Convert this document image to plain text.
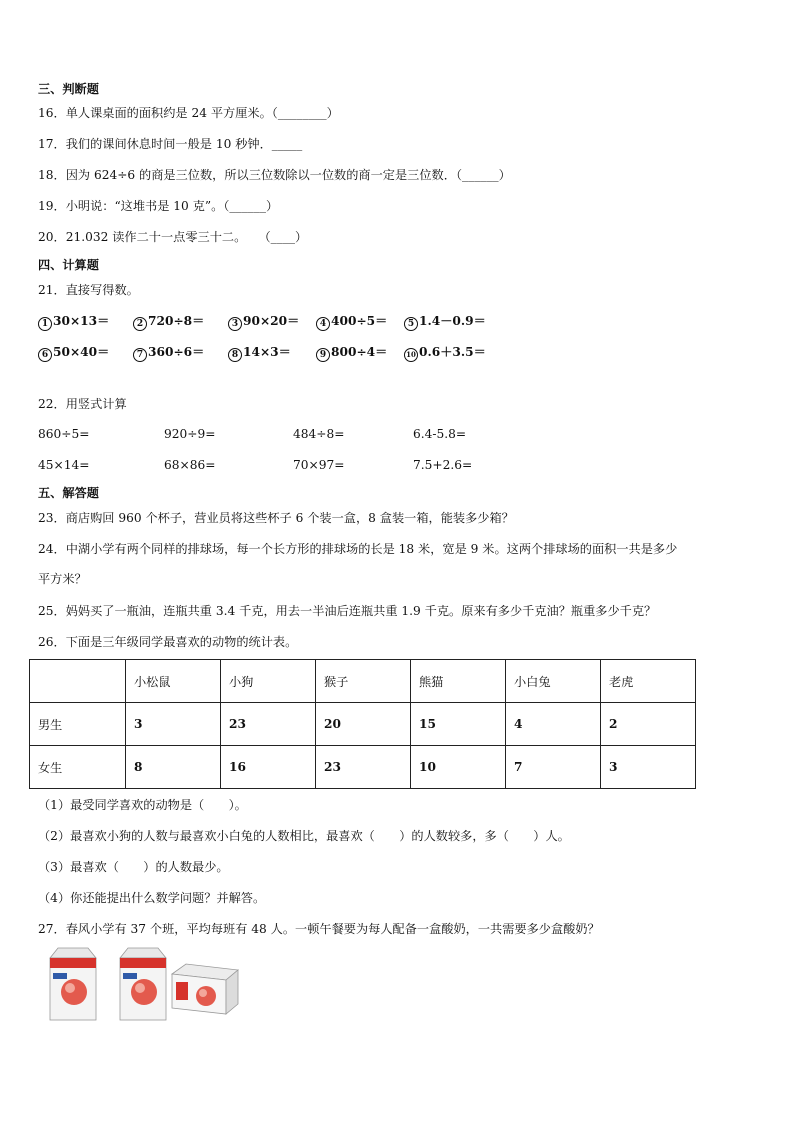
三、判断题
16．单人课桌面的面积约是 24 平方厘米。（________）
17．我们的课间休息时间一般是 10 秒钟．_____
18．因为 624÷6 的商是三位数，所以三位数除以一位数的商一定是三位数．（______）
19．小明说：“这堆书是 10 克”。（______）
20．21.032 读作二十一点零三十二。　　（____）
四、计算题
21．直接写得数。
1 30×13＝	2 720÷8＝	3 90×20＝	4 400÷5＝	5 1.4－0.9＝
6 50×40＝	7 360÷6＝	8 14×3＝	9 800÷4＝	10 0.6＋3.5＝
22．用竖式计算
860÷5=	920÷9=	484÷8=	6.4-5.8=
45×14=	68×86=	70×97=	7.5+2.6=
五、解答题
23．商店购回 960 个杯子，营业员将这些杯子 6 个装一盒，8 盒装一箱，能装多少箱？
24．中湖小学有两个同样的排球场，每一个长方形的排球场的长是 18 米，宽是 9 米。这两个排球场的面积一共是多少
平方米？
25．妈妈买了一瓶油，连瓶共重 3.4 千克，用去一半油后连瓶共重 1.9 千克。原来有多少千克油？瓶重多少千克？
26．下面是三年级同学最喜欢的动物的统计表。
	小松鼠	小狗	猴子	熊猫	小白兔	老虎
男生	3	23	20	15	4	2
女生	8	16	23	10	7	3
（1）最受同学喜欢的动物是（　　）。
（2）最喜欢小狗的人数与最喜欢小白兔的人数相比，最喜欢（　　）的人数较多，多（　　）人。
（3）最喜欢（　　）的人数最少。
（4）你还能提出什么数学问题？并解答。
27．春风小学有 37 个班，平均每班有 48 人。一顿午餐要为每人配备一盒酸奶，一共需要多少盒酸奶？
